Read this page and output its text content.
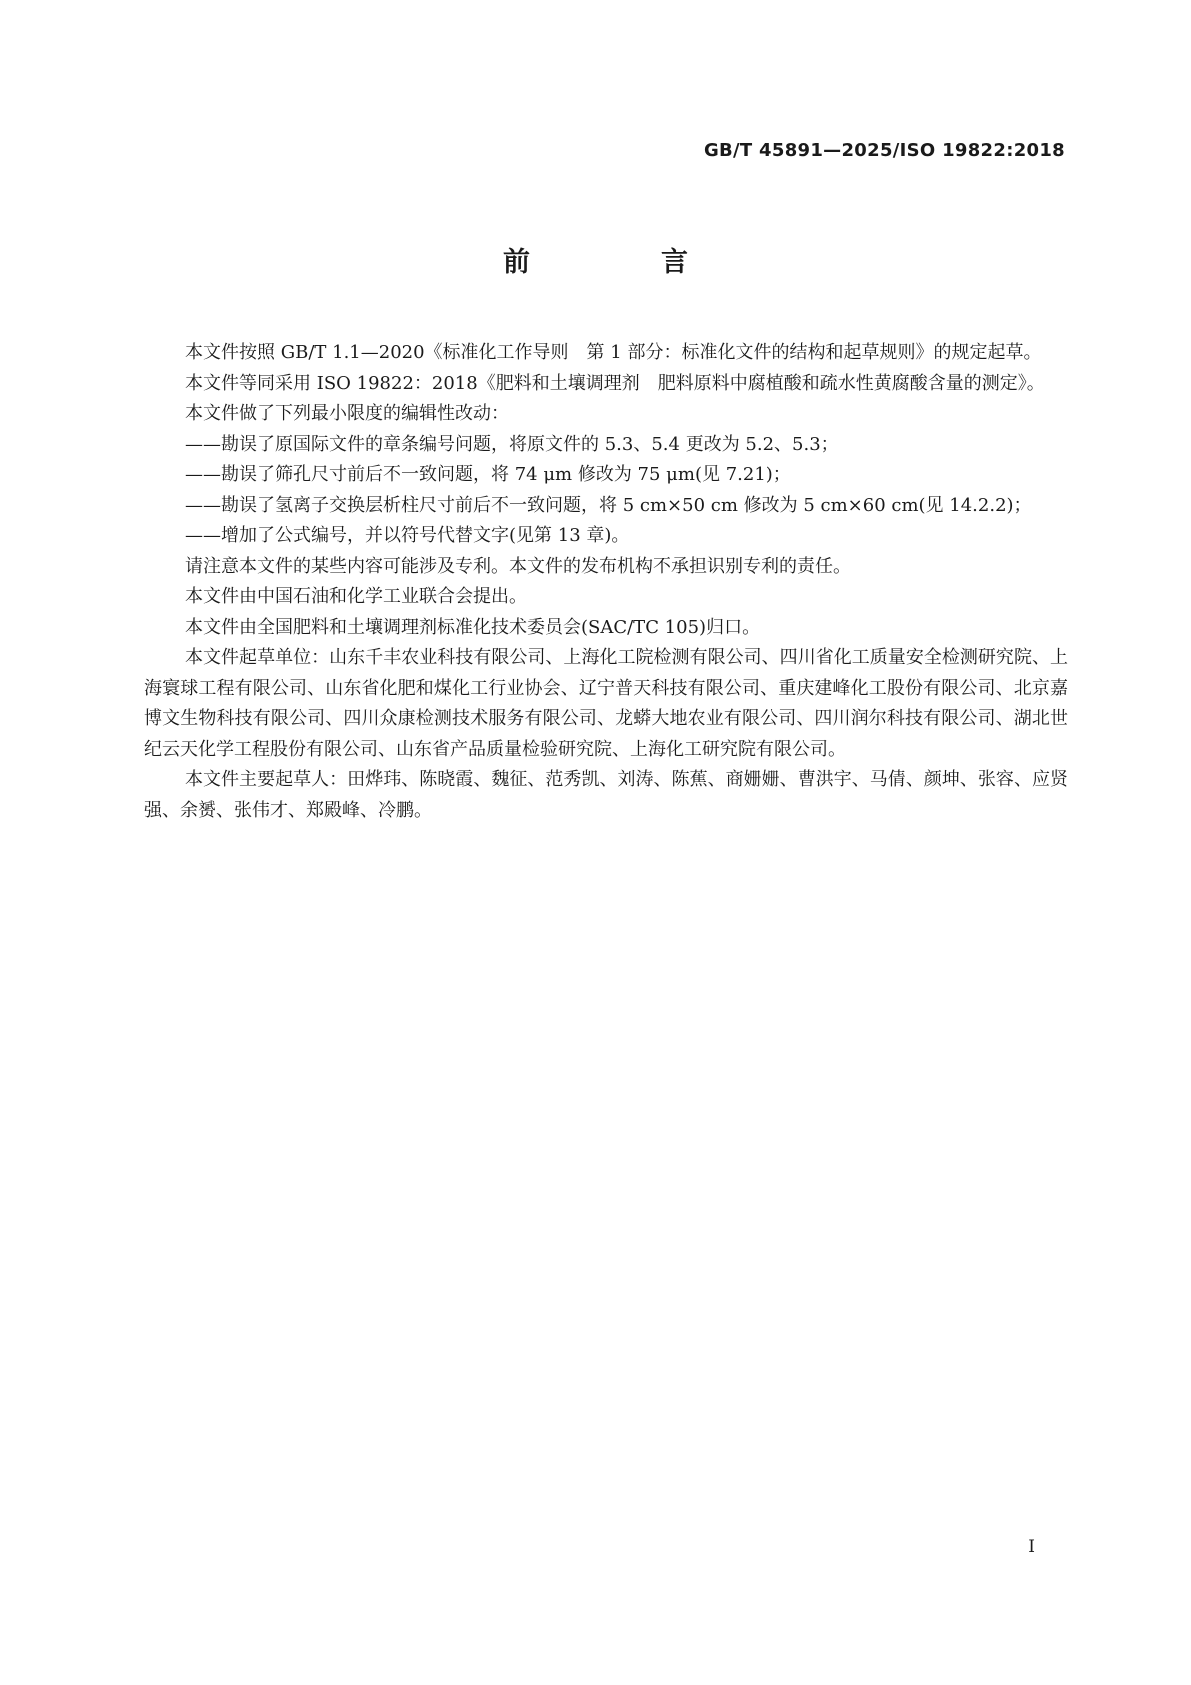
GB/T 45891—2025/ISO 19822:2018

前　言

本文件按照 GB/T 1.1—2020《标准化工作导则　第 1 部分：标准化文件的结构和起草规则》的规定起草。

本文件等同采用 ISO 19822：2018《肥料和土壤调理剂　肥料原料中腐植酸和疏水性黄腐酸含量的测定》。

本文件做了下列最小限度的编辑性改动：

——勘误了原国际文件的章条编号问题，将原文件的 5.3、5.4 更改为 5.2、5.3；

——勘误了筛孔尺寸前后不一致问题，将 74 μm 修改为 75 μm(见 7.21)；

——勘误了氢离子交换层析柱尺寸前后不一致问题，将 5 cm×50 cm 修改为 5 cm×60 cm(见 14.2.2)；

——增加了公式编号，并以符号代替文字(见第 13 章)。

请注意本文件的某些内容可能涉及专利。本文件的发布机构不承担识别专利的责任。

本文件由中国石油和化学工业联合会提出。

本文件由全国肥料和土壤调理剂标准化技术委员会(SAC/TC 105)归口。

本文件起草单位：山东千丰农业科技有限公司、上海化工院检测有限公司、四川省化工质量安全检测研究院、上海寰球工程有限公司、山东省化肥和煤化工行业协会、辽宁普天科技有限公司、重庆建峰化工股份有限公司、北京嘉博文生物科技有限公司、四川众康检测技术服务有限公司、龙蟒大地农业有限公司、四川润尔科技有限公司、湖北世纪云天化学工程股份有限公司、山东省产品质量检验研究院、上海化工研究院有限公司。

本文件主要起草人：田烨玮、陈晓霞、魏征、范秀凯、刘涛、陈蕉、商姗姗、曹洪宇、马倩、颜坤、张容、应贤强、余赟、张伟才、郑殿峰、冷鹏。

I
